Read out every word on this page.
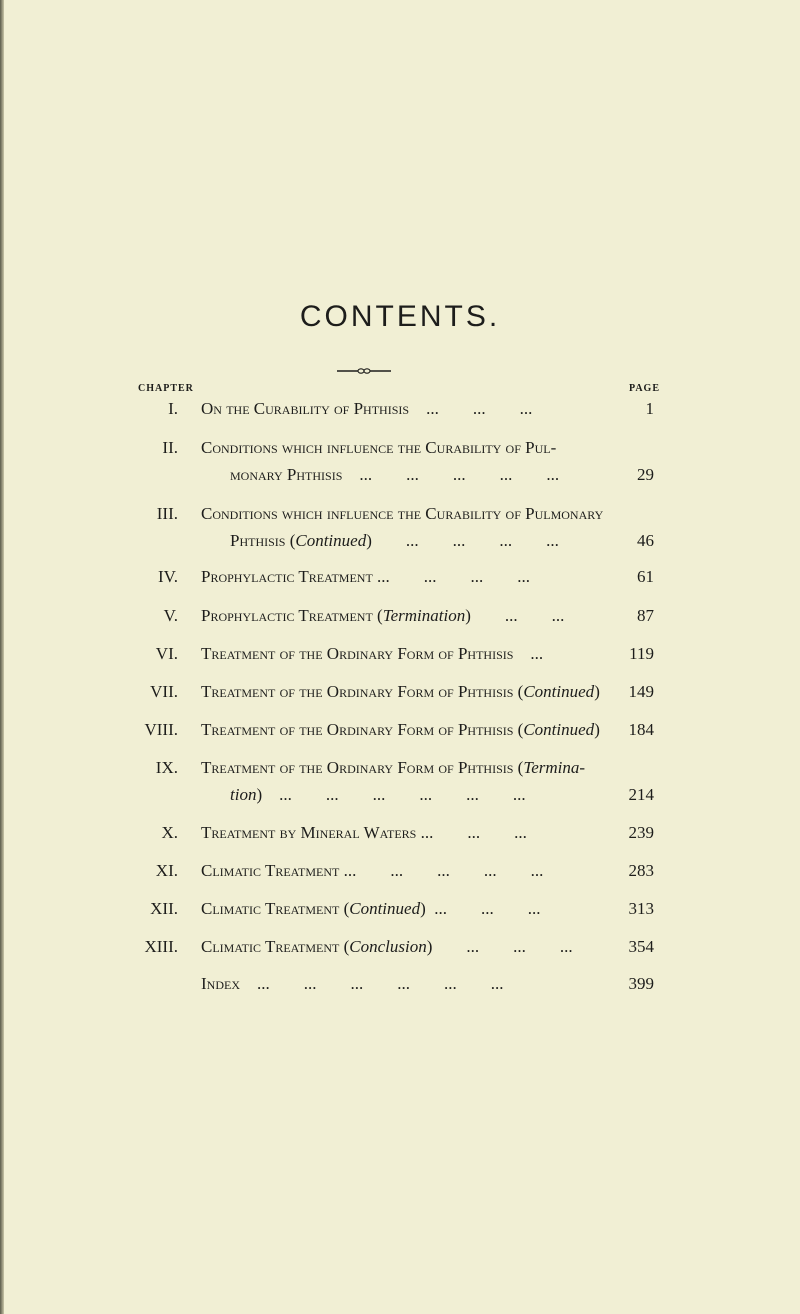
CONTENTS.
CHAPTER	PAGE
I. On the Curability of Phthisis    ...        ...        ...	1
II. Conditions which influence the Curability of Pul-
monary Phthisis    ...        ...        ...        ...        ...	29
III. Conditions which influence the Curability of Pulmonary
Phthisis (Continued)        ...        ...        ...        ...	46
IV. Prophylactic Treatment ...        ...        ...        ...	61
V. Prophylactic Treatment (Termination)        ...        ...	87
VI. Treatment of the Ordinary Form of Phthisis    ...	119
VII. Treatment of the Ordinary Form of Phthisis (Continued) 149
VIII. Treatment of the Ordinary Form of Phthisis (Continued) 184
IX. Treatment of the Ordinary Form of Phthisis (Termina-
tion)    ...        ...        ...        ...        ...        ...	214
X. Treatment by Mineral Waters ...        ...        ...	239
XI. Climatic Treatment ...        ...        ...        ...        ...	283
XII. Climatic Treatment (Continued)  ...        ...        ...	313
XIII. Climatic Treatment (Conclusion)        ...        ...        ...	354
Index    ...        ...        ...        ...        ...        ...	399
